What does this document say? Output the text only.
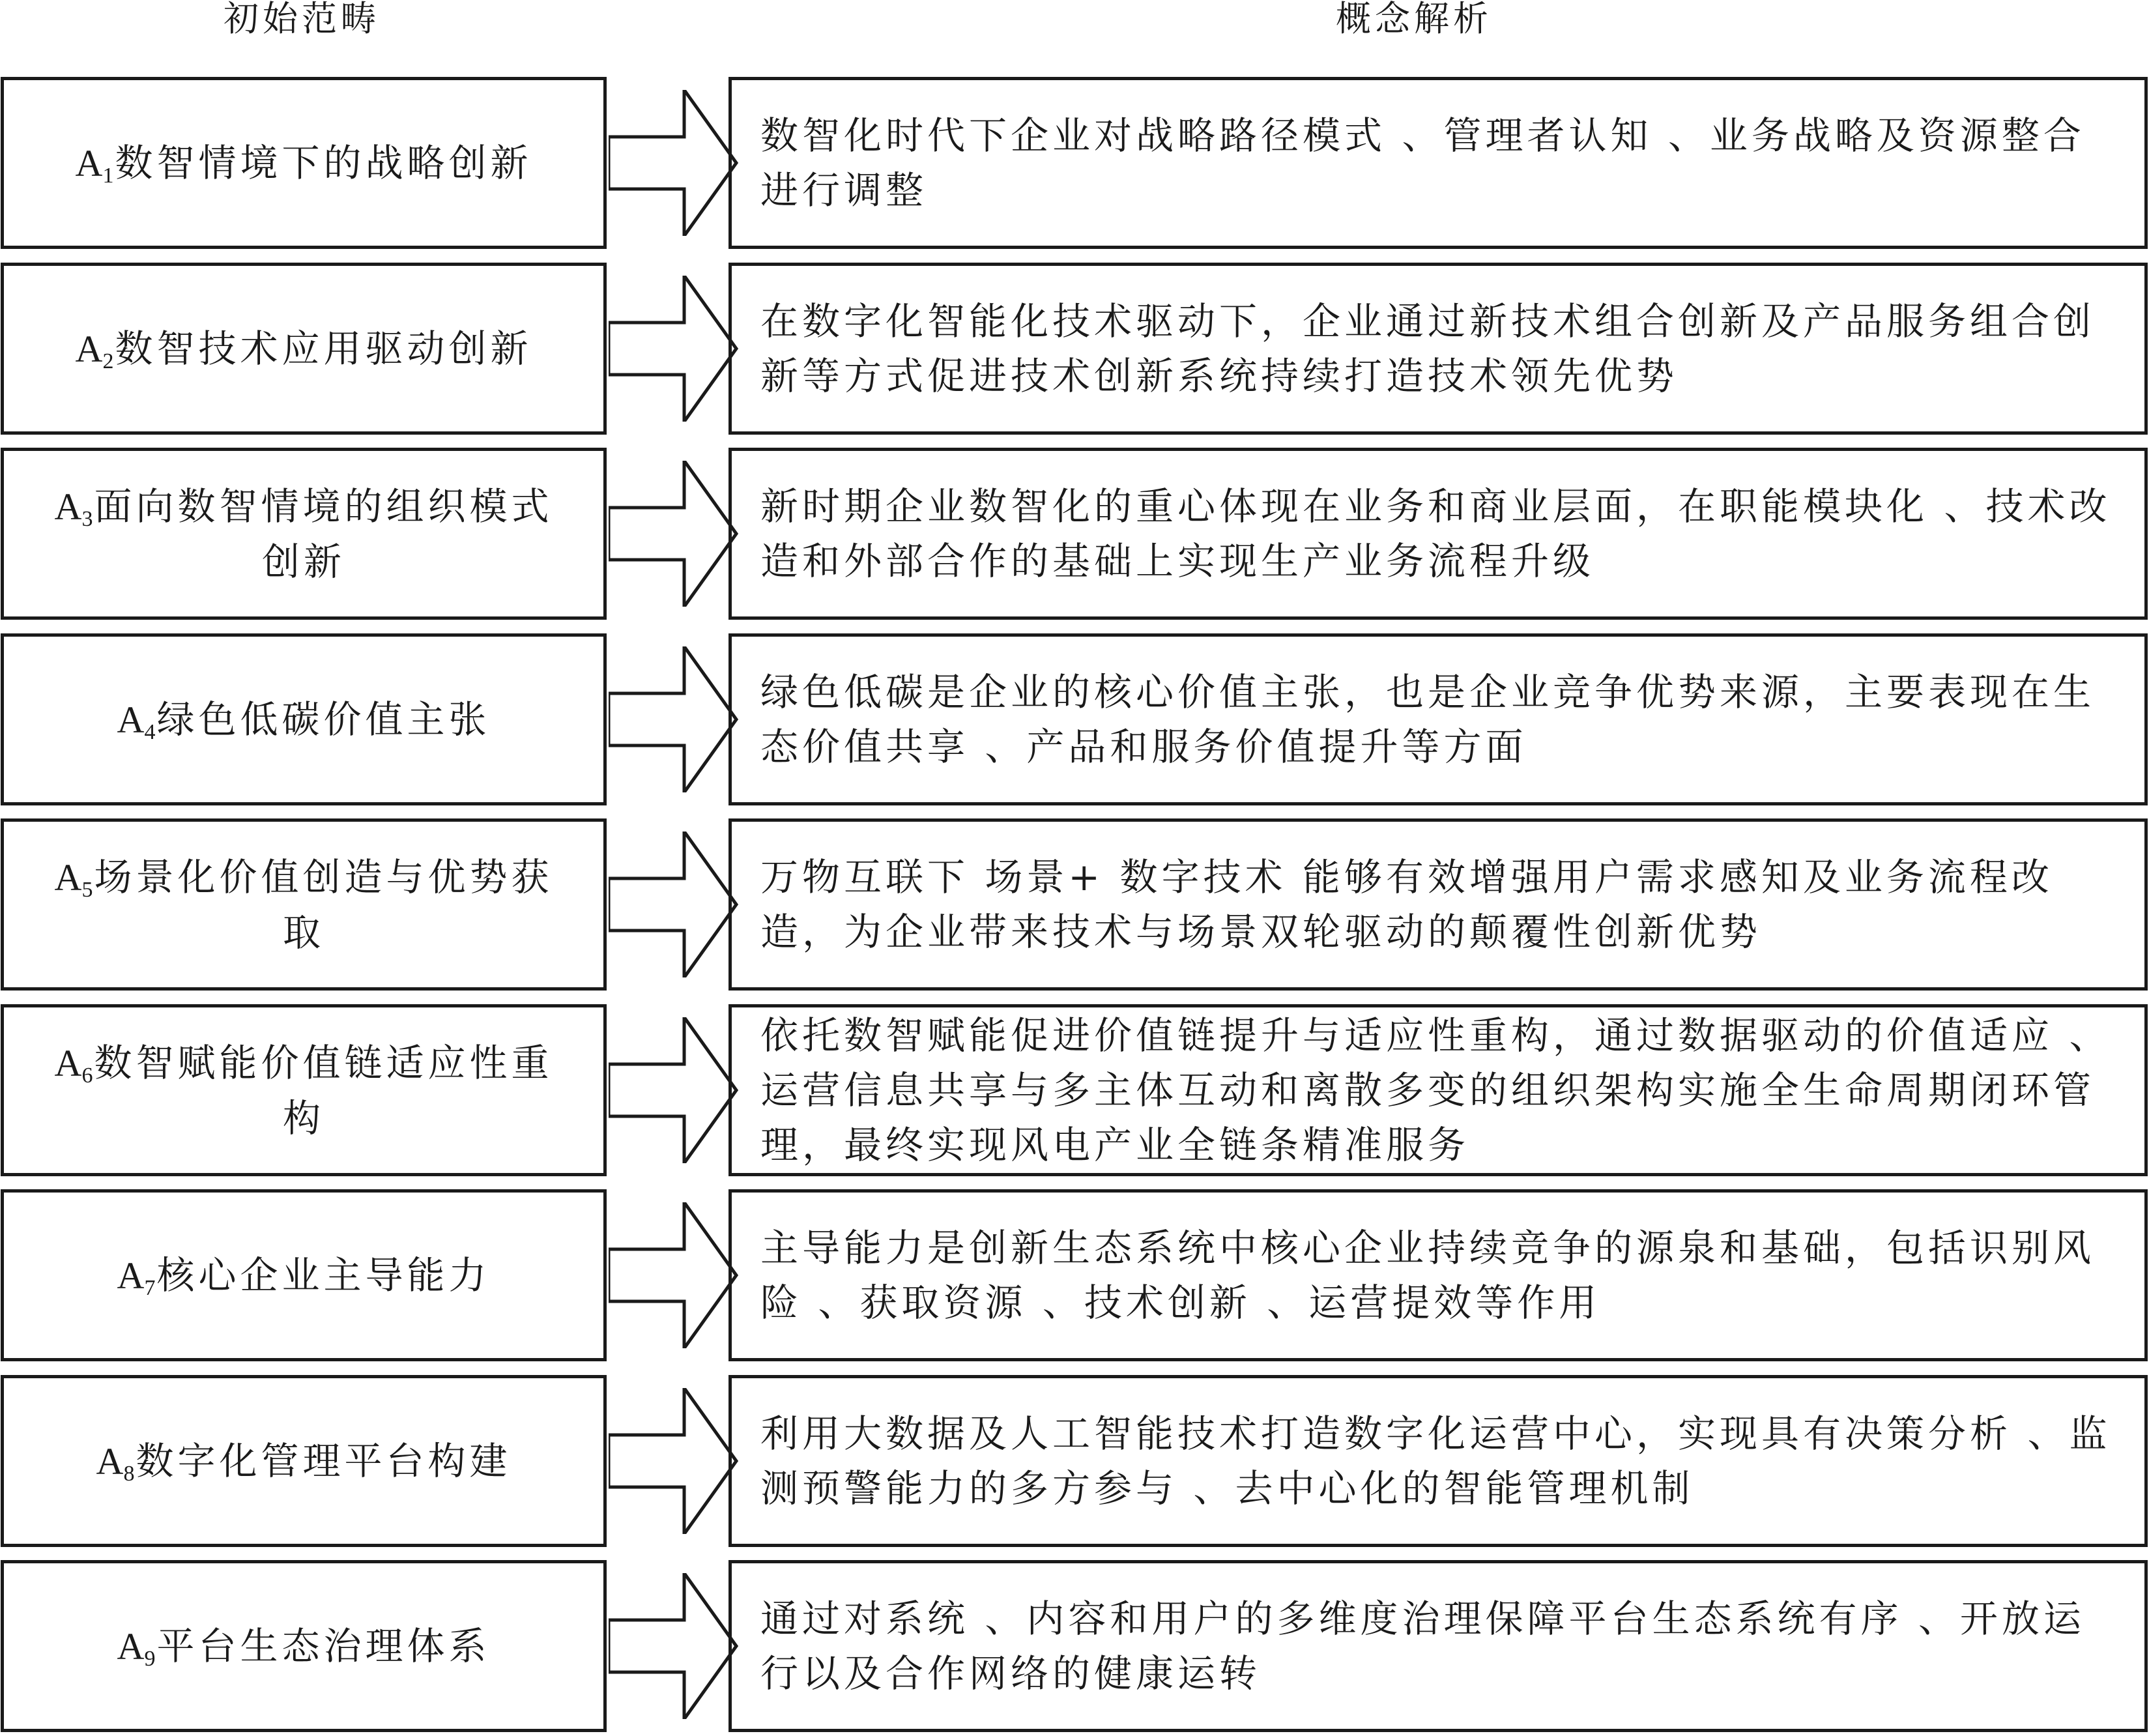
初始范畴	概念解析
$A_1$数智情境下的战略创新
数智化时代下企业对战略路径模式 、管理者认知 、业务战略及资源整合进行调整
$A_2$数智技术应用驱动创新
在数字化智能化技术驱动下，企业通过新技术组合创新及产品服务组合创新等方式促进技术创新系统持续打造技术领先优势
$A_3$面向数智情境的组织模式创新
新时期企业数智化的重心体现在业务和商业层面，在职能模块化 、技术改造和外部合作的基础上实现生产业务流程升级
$A_4$绿色低碳价值主张
绿色低碳是企业的核心价值主张，也是企业竞争优势来源，主要表现在生态价值共享 、产品和服务价值提升等方面
$A_5$场景化价值创造与优势获取
万物互联下 场景+ 数字技术 能够有效增强用户需求感知及业务流程改造，为企业带来技术与场景双轮驱动的颠覆性创新优势
$A_6$数智赋能价值链适应性重构
依托数智赋能促进价值链提升与适应性重构，通过数据驱动的价值适应 、运营信息共享与多主体互动和离散多变的组织架构实施全生命周期闭环管理，最终实现风电产业全链条精准服务
$A_7$核心企业主导能力
主导能力是创新生态系统中核心企业持续竞争的源泉和基础，包括识别风险 、获取资源 、技术创新 、运营提效等作用
$A_8$数字化管理平台构建
利用大数据及人工智能技术打造数字化运营中心，实现具有决策分析 、监测预警能力的多方参与 、去中心化的智能管理机制
$A_9$平台生态治理体系
通过对系统 、内容和用户的多维度治理保障平台生态系统有序 、开放运行以及合作网络的健康运转
